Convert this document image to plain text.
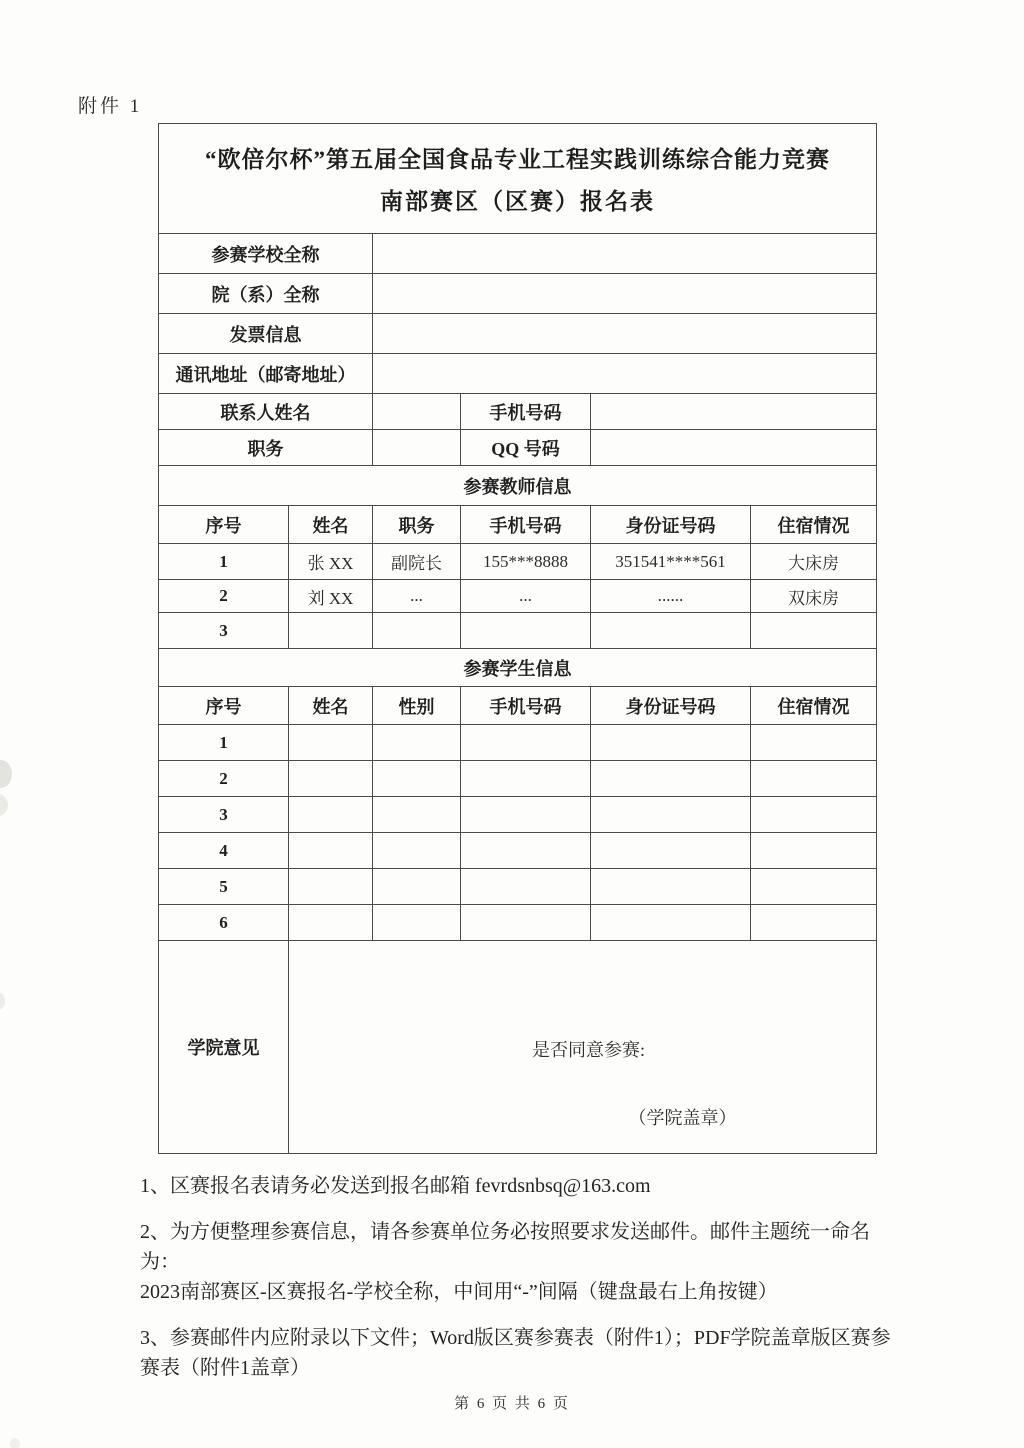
附件 1
“欧倍尔杯”第五届全国食品专业工程实践训练综合能力竞赛
南部赛区（区赛）报名表					

参赛学校全称					
院（系）全称					
发票信息					
通讯地址（邮寄地址）					
联系人姓名			手机号码		
职务			QQ 号码		
参赛教师信息					
序号	姓名	职务	手机号码	身份证号码	住宿情况
1	张 XX	副院长	155***8888	351541****561	大床房
2	刘 XX	...	...	......	双床房
3					
参赛学生信息					
序号	姓名	性别	手机号码	身份证号码	住宿情况
1					
2					
3					
4					
5					
6					
学院意见	是否同意参赛:
（学院盖章）				

1、区赛报名表请务必发送到报名邮箱 fevrdsnbsq@163.com

2、为方便整理参赛信息，请各参赛单位务必按照要求发送邮件。邮件主题统一命名为：
2023南部赛区-区赛报名-学校全称，中间用“-”间隔（键盘最右上角按键）

3、参赛邮件内应附录以下文件；Word版区赛参赛表（附件1）；PDF学院盖章版区赛参
赛表（附件1盖章）

第 6 页 共 6 页
